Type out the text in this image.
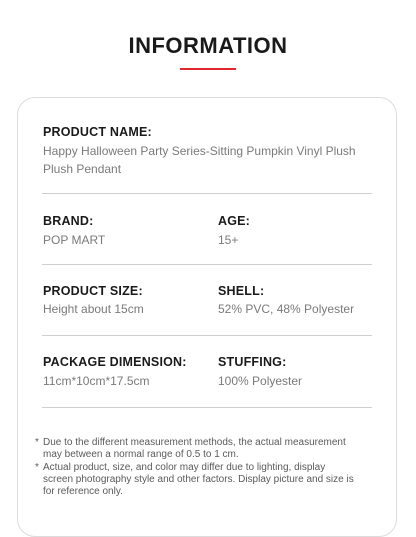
INFORMATION
PRODUCT NAME:
Happy Halloween Party Series-Sitting Pumpkin Vinyl Plush
Plush Pendant
BRAND:
POP MART
AGE:
15+
PRODUCT SIZE:
Height about 15cm
SHELL:
52% PVC, 48% Polyester
PACKAGE DIMENSION:
11cm*10cm*17.5cm
STUFFING:
100% Polyester
* Due to the different measurement methods, the actual measurement
may between a normal range of 0.5 to 1 cm.
* Actual product, size, and color may differ due to lighting, display
screen photography style and other factors. Display picture and size is
for reference only.
